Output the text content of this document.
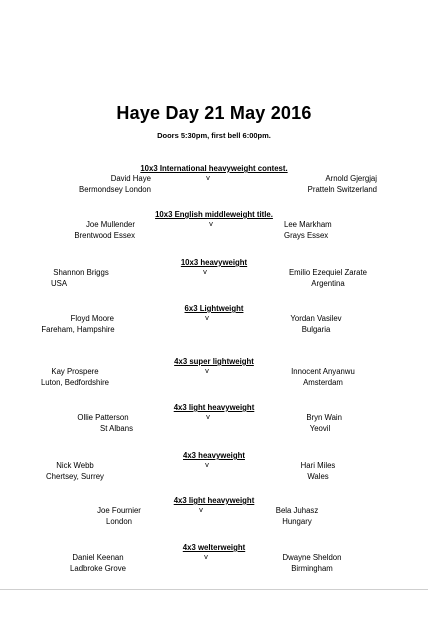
Haye Day 21 May 2016
Doors 5:30pm, first bell 6:00pm.
10x3 International heavyweight contest.
David Haye
Bermondsey London
v	Arnold Gjergjaj
Pratteln Switzerland
10x3 English middleweight title.
Joe Mullender
Brentwood Essex
v	Lee Markham
Grays Essex
10x3 heavyweight
Shannon Briggs
USA
v	Emilio Ezequiel Zarate
Argentina
6x3 Lightweight
Floyd Moore
Fareham, Hampshire
v	Yordan Vasilev
Bulgaria
4x3 super lightweight
Kay Prospere
Luton, Bedfordshire
v	Innocent Anyanwu
Amsterdam
4x3 light heavyweight
Ollie Patterson
St Albans
v	Bryn Wain
Yeovil
4x3 heavyweight
Nick Webb
Chertsey, Surrey
v	Hari Miles
Wales
4x3 light heavyweight
Joe Fournier
London
v	Bela Juhasz
Hungary
4x3 welterweight
Daniel Keenan
Ladbroke Grove
v	Dwayne Sheldon
Birmingham
